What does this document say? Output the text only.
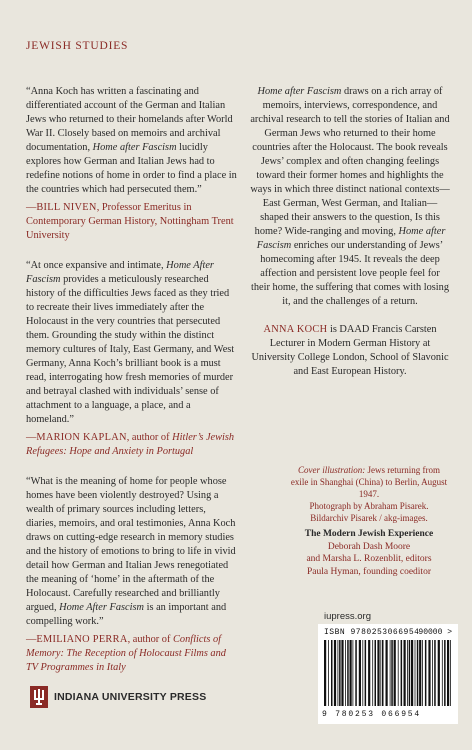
JEWISH STUDIES

“Anna Koch has written a fascinating and differentiated account of the German and Italian Jews who returned to their homelands after World War II. Closely based on memoirs and archival documentation, Home after Fascism lucidly explores how German and Italian Jews had to redefine notions of home in order to find a place in the countries which had persecuted them.”

—BILL NIVEN, Professor Emeritus in Contemporary German History, Nottingham Trent University

“At once expansive and intimate, Home After Fascism provides a meticulously researched history of the difficulties Jews faced as they tried to recreate their lives immediately after the Holocaust in the very countries that persecuted them. Grounding the study within the distinct memory cultures of Italy, East Germany, and West Germany, Anna Koch’s brilliant book is a must read, interrogating how fresh memories of murder and betrayal clashed with individuals’ sense of attachment to a language, a place, and a homeland.”

—MARION KAPLAN, author of Hitler’s Jewish Refugees: Hope and Anxiety in Portugal

“What is the meaning of home for people whose homes have been violently destroyed? Using a wealth of primary sources including letters, diaries, memoirs, and oral testimonies, Anna Koch draws on cutting-edge research in memory studies and the history of emotions to bring to life in vivid detail how German and Italian Jews renegotiated the meaning of ‘home’ in the aftermath of the Holocaust. Carefully researched and brilliantly argued, Home After Fascism is an important and compelling work.”

—EMILIANO PERRA, author of Conflicts of Memory: The Reception of Holocaust Films and TV Programmes in Italy

Home after Fascism draws on a rich array of memoirs, interviews, correspondence, and archival research to tell the stories of Italian and German Jews who returned to their home countries after the Holocaust. The book reveals Jews’ complex and often changing feelings toward their former homes and highlights the ways in which three distinct national contexts—East German, West German, and Italian—shaped their answers to the question, Is this home? Wide-ranging and moving, Home after Fascism enriches our understanding of Jews’ homecoming after 1945. It reveals the deep affection and persistent love people feel for their home, the suffering that comes with losing it, and the challenges of a return.

ANNA KOCH is DAAD Francis Carsten Lecturer in Modern German History at University College London, School of Slavonic and East European History.

Cover illustration: Jews returning from exile in Shanghai (China) to Berlin, August 1947.
Photograph by Abraham Pisarek. Bildarchiv Pisarek / akg-images.
The Modern Jewish Experience
Deborah Dash Moore
and Marsha L. Rozenblit, editors
Paula Hyman, founding coeditor
iupress.org
ISBN 9780253066954
90000 >
9 780253 066954
INDIANA UNIVERSITY PRESS
